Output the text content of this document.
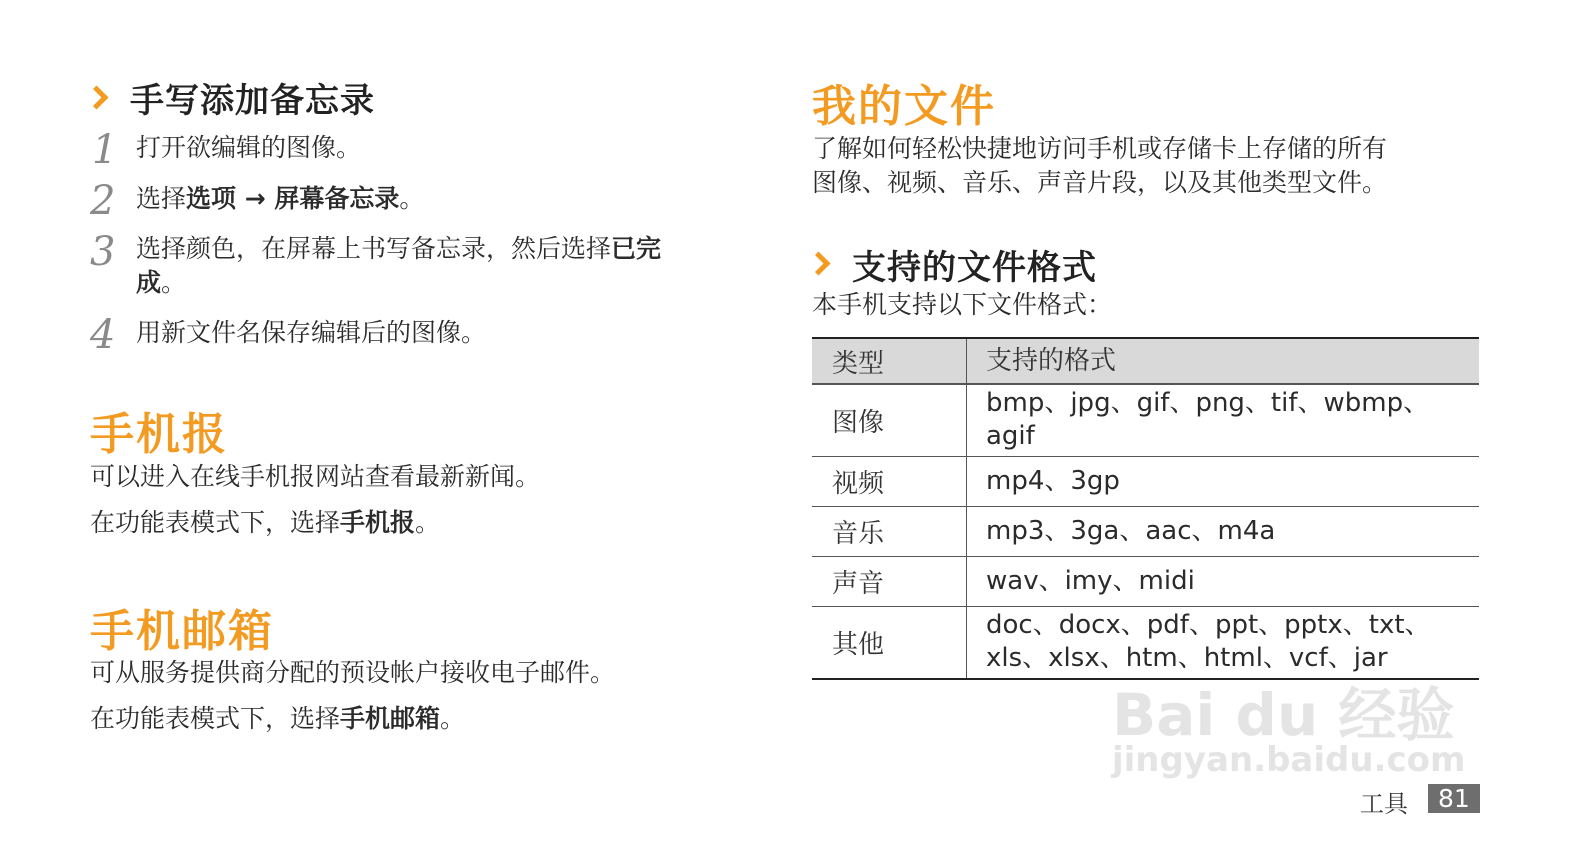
手写添加备忘录
1 打开欲编辑的图像。
2 选择选项 → 屏幕备忘录。
3 选择颜色，在屏幕上书写备忘录，然后选择已完
成。
4 用新文件名保存编辑后的图像。
手机报
可以进入在线手机报网站查看最新新闻。
在功能表模式下，选择手机报。
手机邮箱
可从服务提供商分配的预设帐户接收电子邮件。
在功能表模式下，选择手机邮箱。
我的文件
了解如何轻松快捷地访问手机或存储卡上存储的所有
图像、视频、音乐、声音片段，以及其他类型文件。
支持的文件格式
本手机支持以下文件格式：
类型	支持的格式
图像	bmp、jpg、gif、png、tif、wbmp、
agif

视频	mp4、3gp

音乐	mp3、3ga、aac、m4a

声音	wav、imy、midi

其他	doc、docx、pdf、ppt、pptx、txt、
xls、xlsx、htm、html、vcf、jar
Bai du 经验
jingyan.baidu.com
工具	81
